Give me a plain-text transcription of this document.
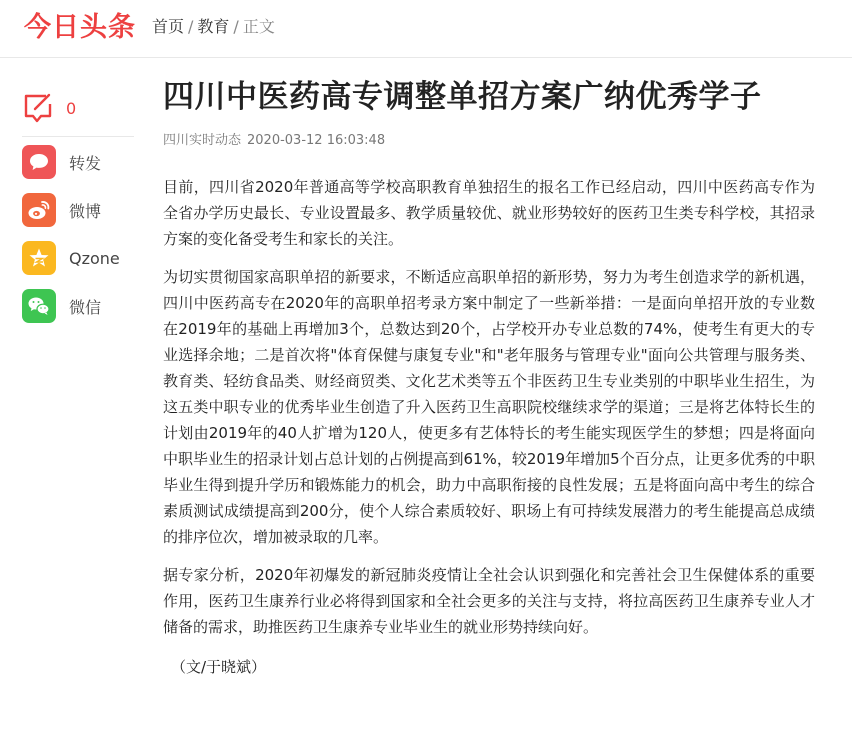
今日头条 首页 / 教育 / 正文
0
转发
微博
Qzone
微信
四川中医药高专调整单招方案广纳优秀学子
四川实时动态 2020-03-12 16:03:48

目前，四川省2020年普通高等学校高职教育单独招生的报名工作已经启动，四川中医药高专作为全省办学历史最长、专业设置最多、教学质量较优、就业形势较好的医药卫生类专科学校，其招录方案的变化备受考生和家长的关注。

为切实贯彻国家高职单招的新要求，不断适应高职单招的新形势，努力为考生创造求学的新机遇，四川中医药高专在2020年的高职单招考录方案中制定了一些新举措：一是面向单招开放的专业数在2019年的基础上再增加3个，总数达到20个，占学校开办专业总数的74%，使考生有更大的专业选择余地；二是首次将"体育保健与康复专业"和"老年服务与管理专业"面向公共管理与服务类、教育类、轻纺食品类、财经商贸类、文化艺术类等五个非医药卫生专业类别的中职毕业生招生，为这五类中职专业的优秀毕业生创造了升入医药卫生高职院校继续求学的渠道；三是将艺体特长生的计划由2019年的40人扩增为120人，使更多有艺体特长的考生能实现医学生的梦想；四是将面向中职毕业生的招录计划占总计划的占例提高到61%，较2019年增加5个百分点，让更多优秀的中职毕业生得到提升学历和锻炼能力的机会，助力中高职衔接的良性发展；五是将面向高中考生的综合素质测试成绩提高到200分，使个人综合素质较好、职场上有可持续发展潜力的考生能提高总成绩的排序位次，增加被录取的几率。

据专家分析，2020年初爆发的新冠肺炎疫情让全社会认识到强化和完善社会卫生保健体系的重要作用，医药卫生康养行业必将得到国家和全社会更多的关注与支持，将拉高医药卫生康养专业人才储备的需求，助推医药卫生康养专业毕业生的就业形势持续向好。

（文/于晓斌）
